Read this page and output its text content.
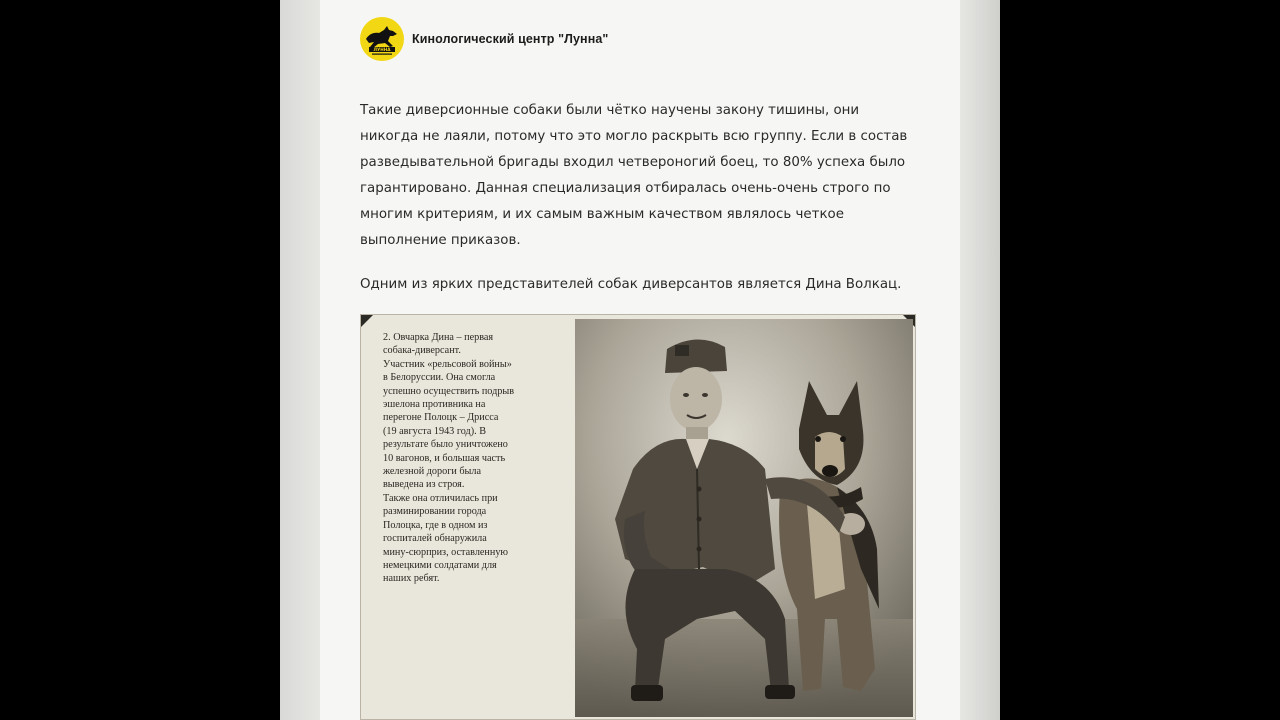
ЛУННА
Кинологический центр "Лунна"

Такие диверсионные собаки были чётко научены закону тишины, они никогда не лаяли, потому что это могло раскрыть всю группу. Если в состав разведывательной бригады входил четвероногий боец, то 80% успеха было гарантировано. Данная специализация отбиралась очень-очень строго по многим критериям, и их самым важным качеством являлось четкое выполнение приказов.

Одним из ярких представителей собак диверсантов является Дина Волкац.

2. Овчарка Дина – первая
собака-диверсант.
Участник «рельсовой войны»
в Белоруссии. Она смогла
успешно осуществить подрыв
эшелона противника на
перегоне Полоцк – Дрисса
(19 августа 1943 год). В
результате было уничтожено
10 вагонов, и большая часть
железной дороги была
выведена из строя.
Также она отличилась при
разминировании города
Полоцка, где в одном из
госпиталей обнаружила
мину-сюрприз, оставленную
немецкими солдатами для
наших ребят.
